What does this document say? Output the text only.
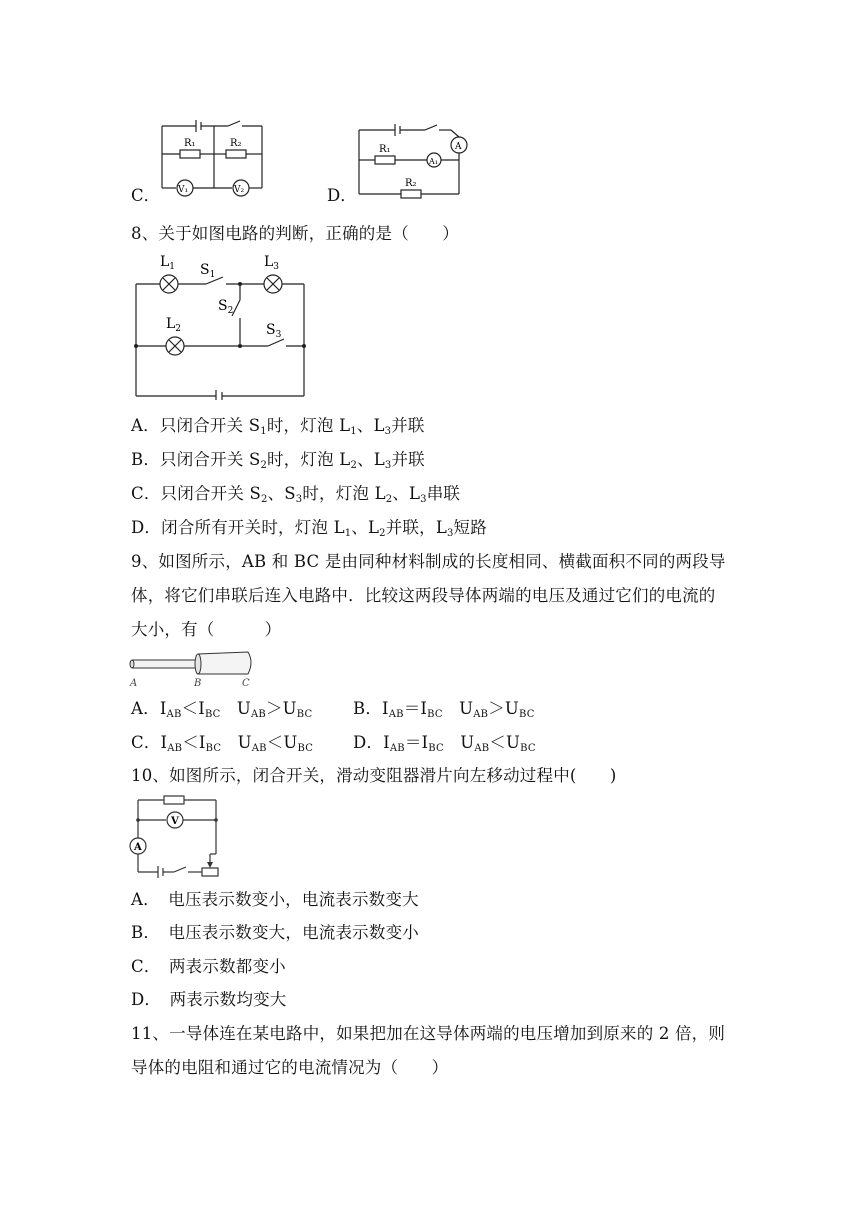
C．
R₁	R₂
V₁	V₂	D．
R₁
R₂
A
A₁
8、关于如图电路的判断，正确的是（　　）
$L_1$ $S_1$
$L_3$
$S_2$
$L_2$	$S_3$
A．只闭合开关 $S_1$时，灯泡 $L_1$、$L_3$并联
B．只闭合开关 $S_2$时，灯泡 $L_2$、$L_3$并联
C．只闭合开关 $S_2$、$S_3$时，灯泡 $L_2$、$L_3$串联
D．闭合所有开关时，灯泡 $L_1$、$L_2$并联，$L_3$短路
9、如图所示，AB 和 BC 是由同种材料制成的长度相同、横截面积不同的两段导
体，将它们串联后连入电路中．比较这两段导体两端的电压及通过它们的电流的
大小，有（　　　）
A	B	C
A．$I_{AB}<I_{BC}$ $U_{AB}>U_{BC}$ B．$I_{AB}=I_{BC}$ $U_{AB}>U_{BC}$
C．$I_{AB}<I_{BC}$ $U_{AB}<U_{BC}$ D．$I_{AB}=I_{BC}$ $U_{AB}<U_{BC}$
10、如图所示，闭合开关，滑动变阻器滑片向左移动过程中(　　)
V
A
A．　电压表示数变小，电流表示数变大
B．　电压表示数变大，电流表示数变小
C．　两表示数都变小
D．　两表示数均变大
11、一导体连在某电路中，如果把加在这导体两端的电压增加到原来的 2 倍，则
导体的电阻和通过它的电流情况为（　　）
